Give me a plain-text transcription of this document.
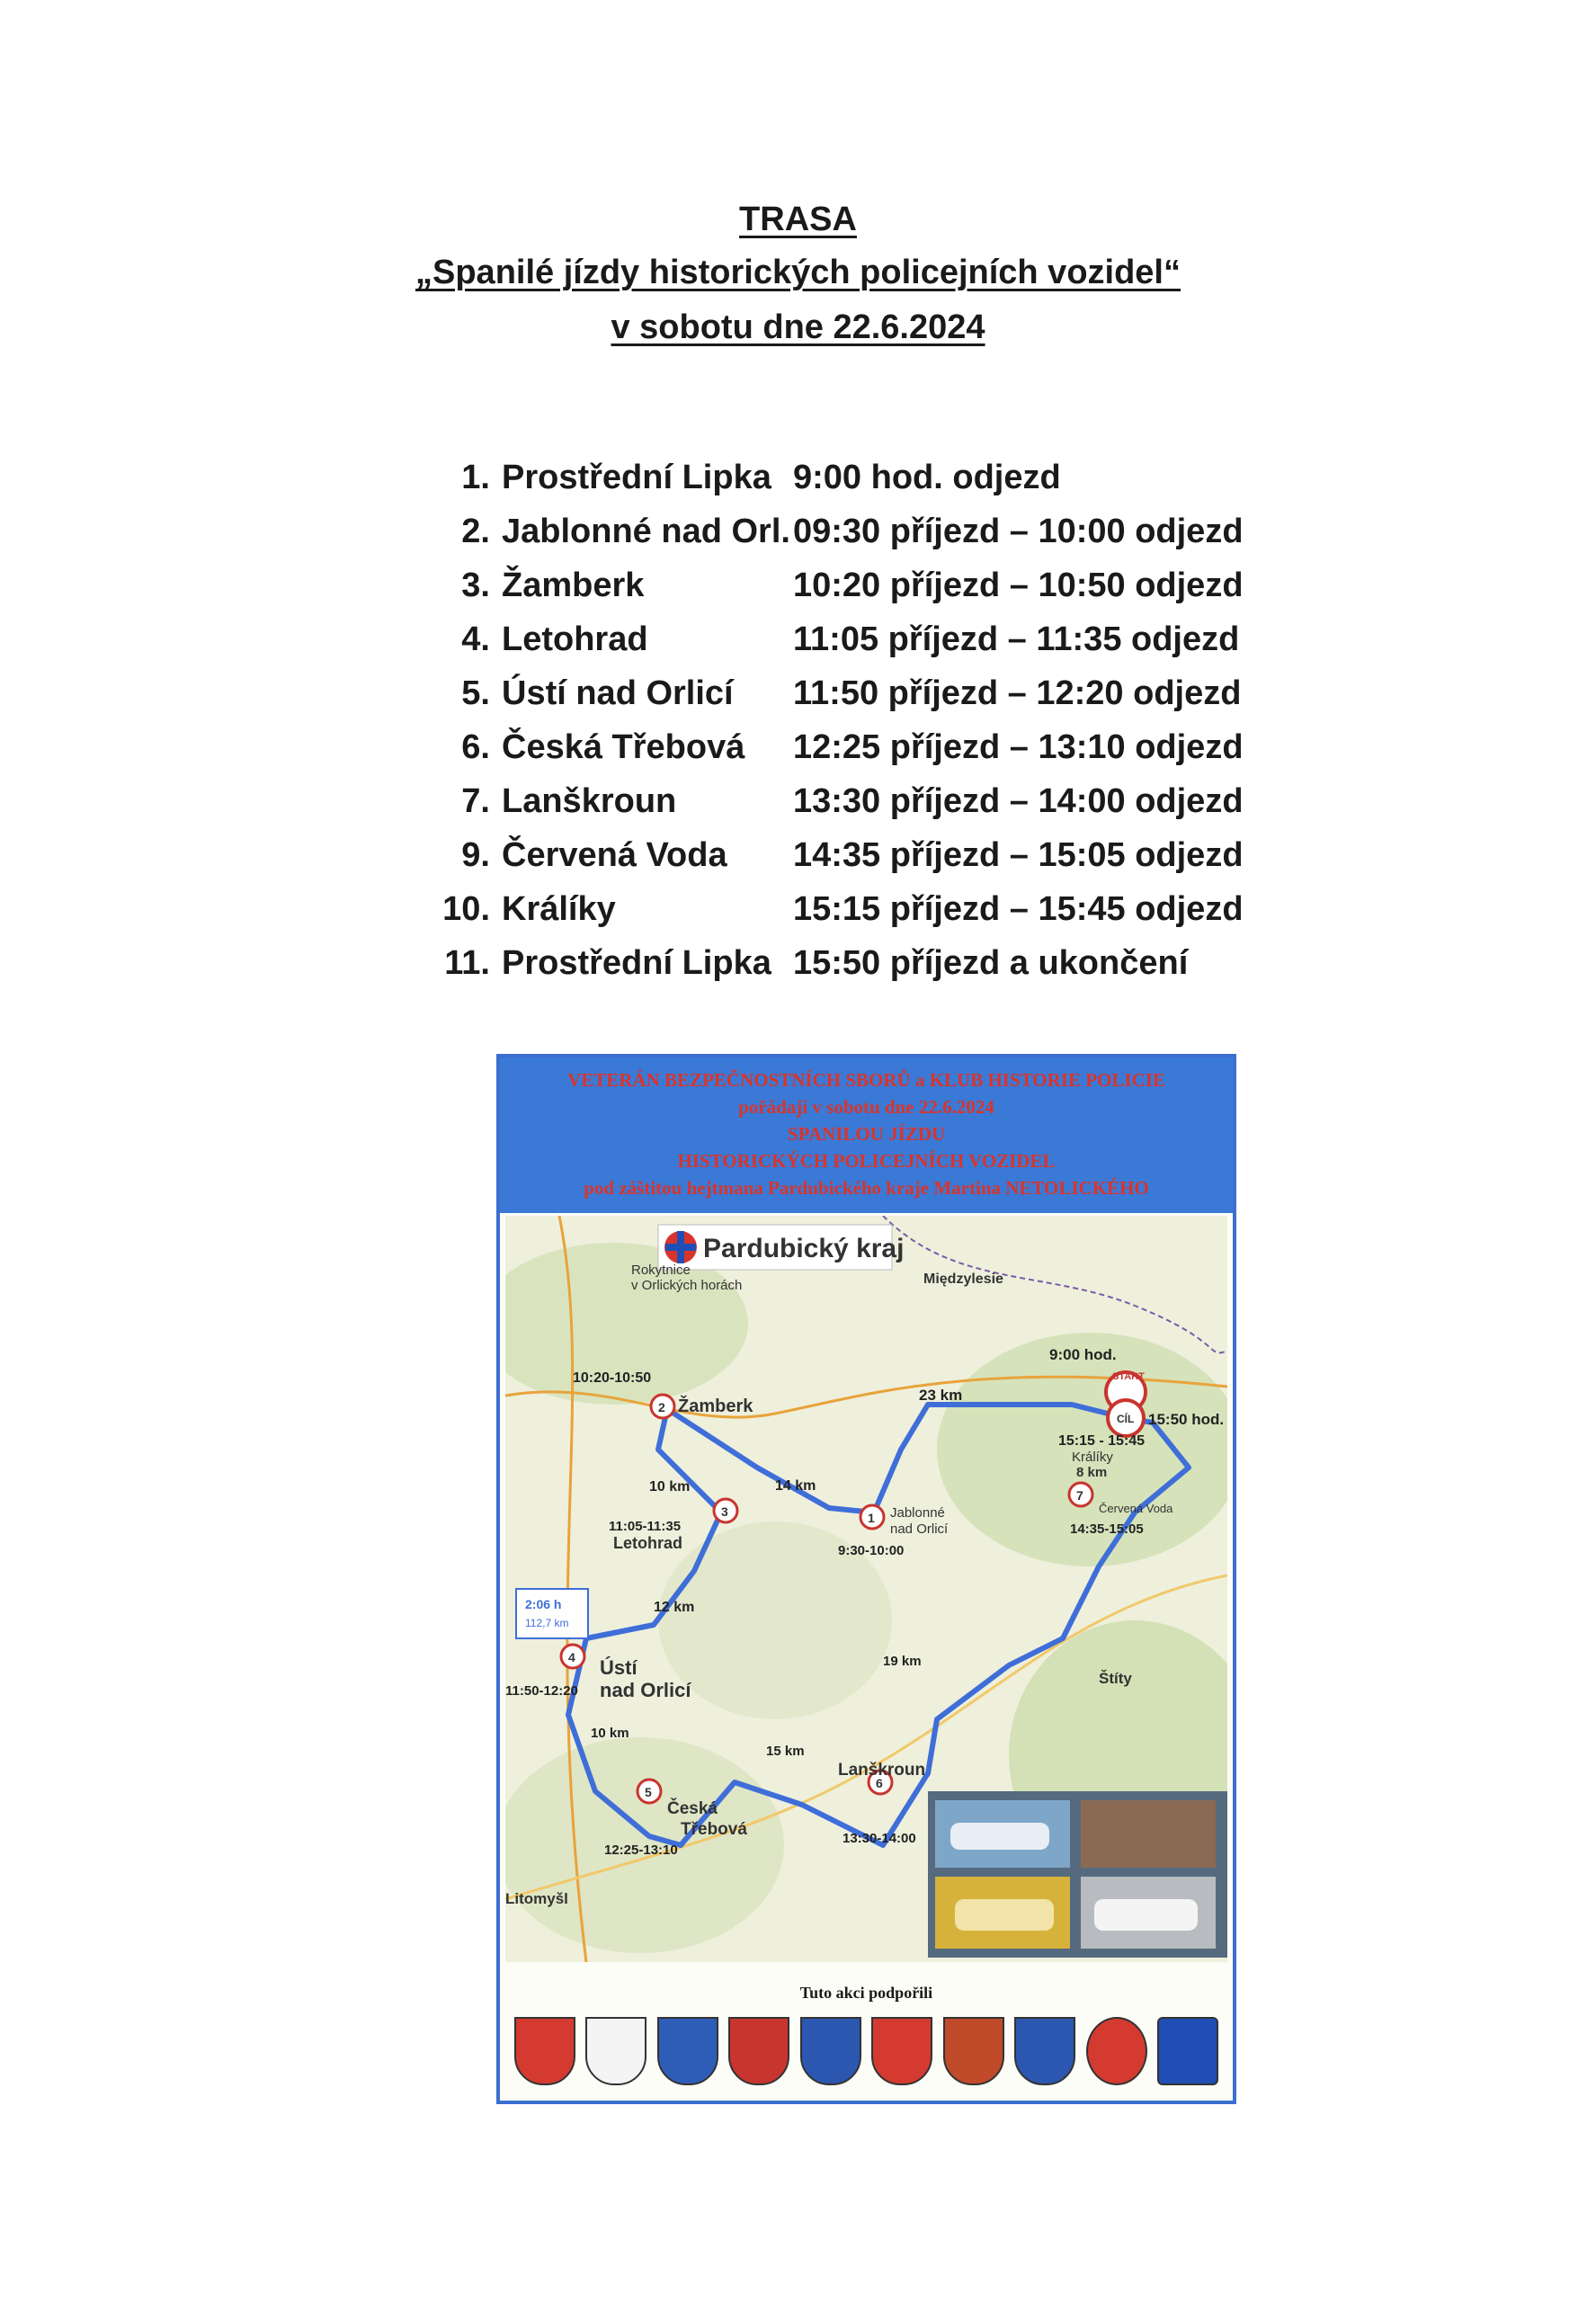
TRASA
„Spanilé jízdy historických policejních vozidel“
v sobotu dne 22.6.2024
1. Prostřední Lipka 9:00 hod. odjezd
2. Jablonné nad Orl. 09:30 příjezd – 10:00 odjezd
3. Žamberk	10:20 příjezd – 10:50 odjezd
4. Letohrad	11:05 příjezd – 11:35 odjezd
5. Ústí nad Orlicí 11:50 příjezd – 12:20 odjezd
6. Česká Třebová 12:25 příjezd – 13:10 odjezd
7. Lanškroun	13:30 příjezd – 14:00 odjezd
9. Červená Voda 14:35 příjezd – 15:05 odjezd
10. Králíky	15:15 příjezd – 15:45 odjezd
11. Prostřední Lipka 15:50 příjezd a ukončení
VETERÁN BEZPEČNOSTNÍCH SBORŮ a KLUB HISTORIE POLICIE
pořádají v sobotu dne 22.6.2024
SPANILOU JÍZDU
HISTORICKÝCH POLICEJNÍCH VOZIDEL
pod záštitou hejtmana Pardubického kraje Martina NETOLICKÉHO
Pardubický kraj
Rokytnice
v Orlických horách	Międzylesie
START
CÍL
9:00 hod.
15:50 hod.
10:20-10:50
2 Žamberk
23 km
15:15 - 15:45
Králíky
8 km
10 km	14 km
3
11:05-11:35
Letohrad
1 Jablonné
nad Orlicí
9:30-10:00
7
Červená Voda
14:35-15:05
2:06 h
112,7 km
12 km
4 Ústí
nad Orlicí
11:50-12:20
19 km
Štíty
10 km
15 km
5
Česká
Třebová
12:25-13:10
6
Lanškroun
13:30-14:00
Litomyšl
Tuto akci podpořili
